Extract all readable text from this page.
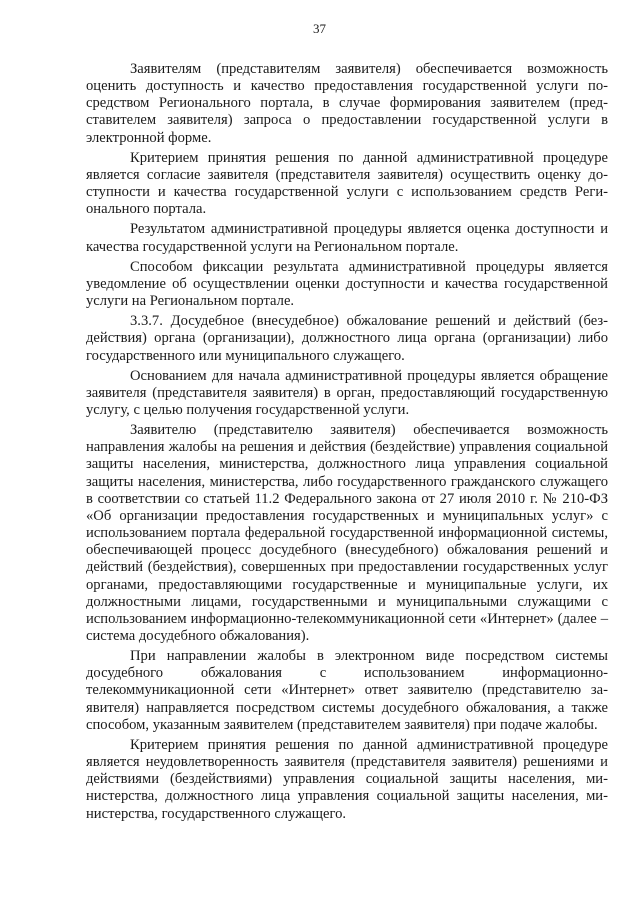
37

Заявителям (представителям заявителя) обеспечивается возможность оценить доступность и качество предоставления государственной услуги посредством Регионального портала, в случае формирования заявителем (представителем заявителя) запроса о предоставлении государственной услуги в электронной форме.

Критерием принятия решения по данной административной процедуре является согласие заявителя (представителя заявителя) осуществить оценку доступности и качества государственной услуги с использованием средств Регионального портала.

Результатом административной процедуры является оценка доступности и качества государственной услуги на Региональном портале.

Способом фиксации результата административной процедуры является уведомление об осуществлении оценки доступности и качества государственной услуги на Региональном портале.

3.3.7. Досудебное (внесудебное) обжалование решений и действий (бездействия) органа (организации), должностного лица органа (организации) либо государственного или муниципального служащего.

Основанием для начала административной процедуры является обращение заявителя (представителя заявителя) в орган, предоставляющий государственную услугу, с целью получения государственной услуги.

Заявителю (представителю заявителя) обеспечивается возможность направления жалобы на решения и действия (бездействие) управления социальной защиты населения, министерства, должностного лица управления социальной защиты населения, министерства, либо государственного гражданского служащего в соответствии со статьей 11.2 Федерального закона от 27 июля 2010 г. № 210-ФЗ «Об организации предоставления государственных и муниципальных услуг» с использованием портала федеральной государственной информационной системы, обеспечивающей процесс досудебного (внесудебного) обжалования решений и действий (бездействия), совершенных при предоставлении государственных услуг органами, предоставляющими государственные и муниципальные услуги, их должностными лицами, государственными и муниципальными служащими с использованием информационно-телекоммуникационной сети «Интернет» (далее – система досудебного обжалования).

При направлении жалобы в электронном виде посредством системы досудебного обжалования с использованием информационно-телекоммуникационной сети «Интернет» ответ заявителю (представителю заявителя) направляется посредством системы досудебного обжалования, а также способом, указанным заявителем (представителем заявителя) при подаче жалобы.

Критерием принятия решения по данной административной процедуре является неудовлетворенность заявителя (представителя заявителя) решениями и действиями (бездействиями) управления социальной защиты населения, министерства, должностного лица управления социальной защиты населения, министерства, государственного служащего.
